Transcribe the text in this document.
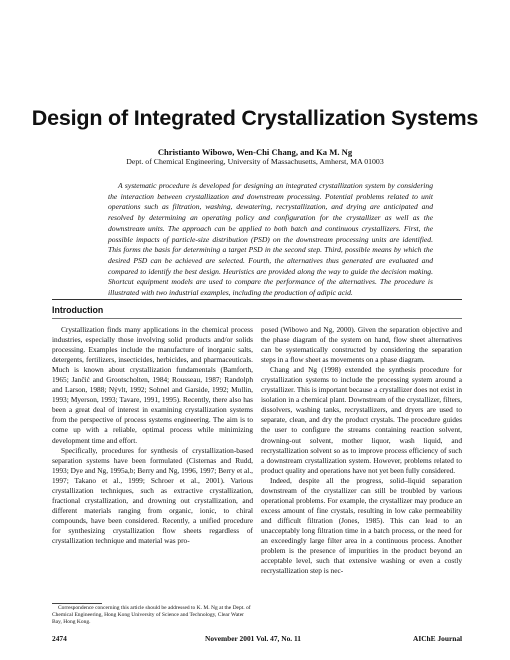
Design of Integrated Crystallization Systems

Christianto Wibowo, Wen-Chi Chang, and Ka M. Ng

Dept. of Chemical Engineering, University of Massachusetts, Amherst, MA 01003

A systematic procedure is developed for designing an integrated crystallization system by considering the interaction between crystallization and downstream processing. Potential problems related to unit operations such as filtration, washing, dewatering, recrystallization, and drying are anticipated and resolved by determining an operating policy and configuration for the crystallizer as well as the downstream units. The approach can be applied to both batch and continuous crystallizers. First, the possible impacts of particle-size distribution (PSD) on the downstream processing units are identified. This forms the basis for determining a target PSD in the second step. Third, possible means by which the desired PSD can be achieved are selected. Fourth, the alternatives thus generated are evaluated and compared to identify the best design. Heuristics are provided along the way to guide the decision making. Shortcut equipment models are used to compare the performance of the alternatives. The procedure is illustrated with two industrial examples, including the production of adipic acid.

Introduction

Crystallization finds many applications in the chemical process industries, especially those involving solid products and/or solids processing. Examples include the manufacture of inorganic salts, detergents, fertilizers, insecticides, herbicides, and pharmaceuticals. Much is known about crystallization fundamentals (Bamforth, 1965; Jančić and Grootscholten, 1984; Rousseau, 1987; Randolph and Larson, 1988; Nývlt, 1992; Sohnel and Garside, 1992; Mullin, 1993; Myerson, 1993; Tavare, 1991, 1995). Recently, there also has been a great deal of interest in examining crystallization systems from the perspective of process systems engineering. The aim is to come up with a reliable, optimal process while minimizing development time and effort.

Specifically, procedures for synthesis of crystallization-based separation systems have been formulated (Cisternas and Rudd, 1993; Dye and Ng, 1995a,b; Berry and Ng, 1996, 1997; Berry et al., 1997; Takano et al., 1999; Schroer et al., 2001). Various crystallization techniques, such as extractive crystallization, fractional crystallization, and drowning out crystallization, and different materials ranging from organic, ionic, to chiral compounds, have been considered. Recently, a unified procedure for synthesizing crystallization flow sheets regardless of crystallization technique and material was pro-

posed (Wibowo and Ng, 2000). Given the separation objective and the phase diagram of the system on hand, flow sheet alternatives can be systematically constructed by considering the separation steps in a flow sheet as movements on a phase diagram.

Chang and Ng (1998) extended the synthesis procedure for crystallization systems to include the processing system around a crystallizer. This is important because a crystallizer does not exist in isolation in a chemical plant. Downstream of the crystallizer, filters, dissolvers, washing tanks, recrystallizers, and dryers are used to separate, clean, and dry the product crystals. The procedure guides the user to configure the streams containing reaction solvent, drowning-out solvent, mother liquor, wash liquid, and recrystallization solvent so as to improve process efficiency of such a downstream crystallization system. However, problems related to product quality and operations have not yet been fully considered.

Indeed, despite all the progress, solid–liquid separation downstream of the crystallizer can still be troubled by various operational problems. For example, the crystallizer may produce an excess amount of fine crystals, resulting in low cake permeability and difficult filtration (Jones, 1985). This can lead to an unacceptably long filtration time in a batch process, or the need for an exceedingly large filter area in a continuous process. Another problem is the presence of impurities in the product beyond an acceptable level, such that extensive washing or even a costly recrystallization step is nec-

Correspondence concerning this article should be addressed to K. M. Ng at the Dept. of Chemical Engineering, Hong Kong University of Science and Technology, Clear Water Bay, Hong Kong.

2474	November 2001 Vol. 47, No. 11	AIChE Journal
